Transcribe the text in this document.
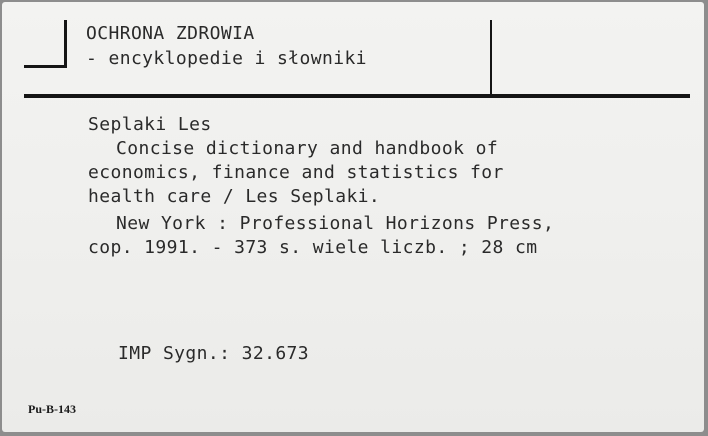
OCHRONA ZDROWIA
- encyklopedie i słowniki
Seplaki Les
Concise dictionary and handbook of
economics, finance and statistics for
health care / Les Seplaki.
New York : Professional Horizons Press,
cop. 1991. - 373 s. wiele liczb. ; 28 cm
IMP Sygn.: 32.673
Pu-B-143
